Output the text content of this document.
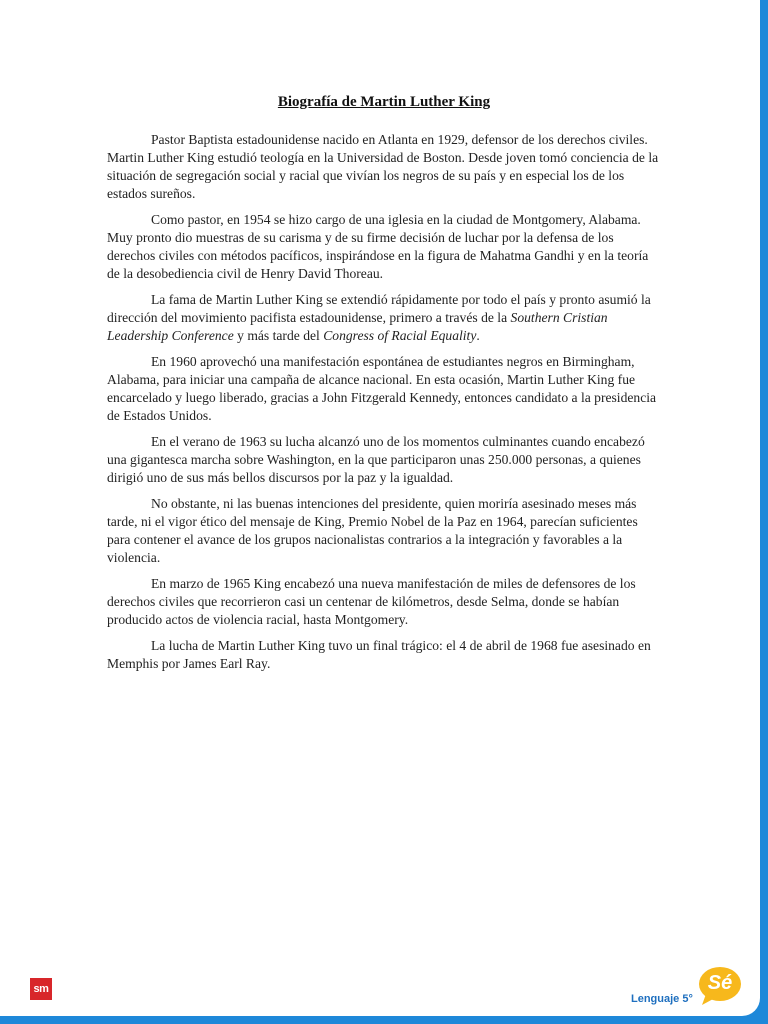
Biografía de Martin Luther King

Pastor Baptista estadounidense nacido en Atlanta en 1929, defensor de los derechos civiles. Martin Luther King estudió teología en la Universidad de Boston. Desde joven tomó conciencia de la situación de segregación social y racial que vivían los negros de su país y en especial los de los estados sureños.

Como pastor, en 1954 se hizo cargo de una iglesia en la ciudad de Montgomery, Alabama. Muy pronto dio muestras de su carisma y de su firme decisión de luchar por la defensa de los derechos civiles con métodos pacíficos, inspirándose en la figura de Mahatma Gandhi y en la teoría de la desobediencia civil de Henry David Thoreau.

La fama de Martin Luther King se extendió rápidamente por todo el país y pronto asumió la dirección del movimiento pacifista estadounidense, primero a través de la Southern Cristian Leadership Conference y más tarde del Congress of Racial Equality.

En 1960 aprovechó una manifestación espontánea de estudiantes negros en Birmingham, Alabama, para iniciar una campaña de alcance nacional. En esta ocasión, Martin Luther King fue encarcelado y luego liberado, gracias a John Fitzgerald Kennedy, entonces candidato a la presidencia de Estados Unidos.

En el verano de 1963 su lucha alcanzó uno de los momentos culminantes cuando encabezó una gigantesca marcha sobre Washington, en la que participaron unas 250.000 personas, a quienes dirigió uno de sus más bellos discursos por la paz y la igualdad.

No obstante, ni las buenas intenciones del presidente, quien moriría asesinado meses más tarde, ni el vigor ético del mensaje de King, Premio Nobel de la Paz en 1964, parecían suficientes para contener el avance de los grupos nacionalistas contrarios a la integración y favorables a la violencia.

En marzo de 1965 King encabezó una nueva manifestación de miles de defensores de los derechos civiles que recorrieron casi un centenar de kilómetros, desde Selma, donde se habían producido actos de violencia racial, hasta Montgomery.

La lucha de Martin Luther King tuvo un final trágico: el 4 de abril de 1968 fue asesinado en Memphis por James Earl Ray.

sm
Lenguaje 5°
Sé
